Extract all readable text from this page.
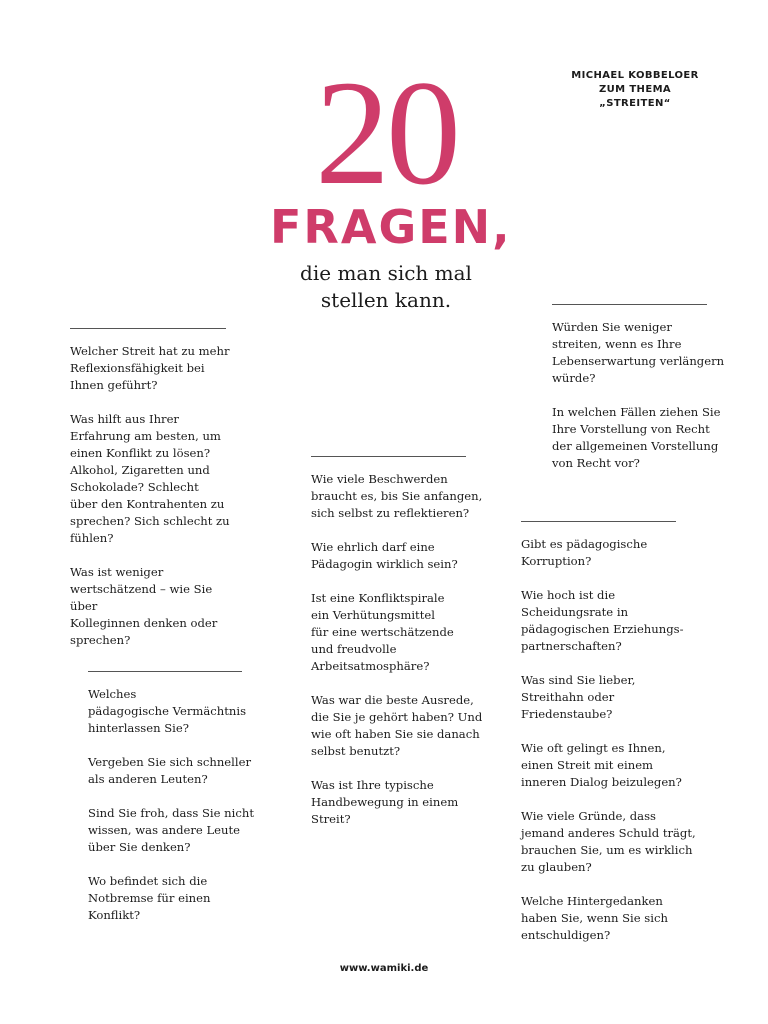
20
FRAGEN,
die man sich mal
stellen kann.
MICHAEL KOBBELOER
ZUM THEMA
„STREITEN“

Welcher Streit hat zu mehr
Reflexionsfähigkeit bei
Ihnen geführt?

Was hilft aus Ihrer
Erfahrung am besten, um
einen Konflikt zu lösen?
Alkohol, Zigaretten und
Schokolade? Schlecht
über den Kontrahenten zu
sprechen? Sich schlecht zu
fühlen?

Was ist weniger
wertschätzend – wie Sie über
Kolleginnen denken oder
sprechen?

Welches
pädagogische Vermächtnis
hinterlassen Sie?

Vergeben Sie sich schneller
als anderen Leuten?

Sind Sie froh, dass Sie nicht
wissen, was andere Leute
über Sie denken?

Wo befindet sich die
Notbremse für einen
Konflikt?

Wie viele Beschwerden
braucht es, bis Sie anfangen,
sich selbst zu reflektieren?

Wie ehrlich darf eine
Pädagogin wirklich sein?

Ist eine Konfliktspirale
ein Verhütungsmittel
für eine wertschätzende
und freudvolle
Arbeitsatmosphäre?

Was war die beste Ausrede,
die Sie je gehört haben? Und
wie oft haben Sie sie danach
selbst benutzt?

Was ist Ihre typische
Handbewegung in einem
Streit?

Würden Sie weniger
streiten, wenn es Ihre
Lebenserwartung verlängern
würde?

In welchen Fällen ziehen Sie
Ihre Vorstellung von Recht
der allgemeinen Vorstellung
von Recht vor?

Gibt es pädagogische
Korruption?

Wie hoch ist die
Scheidungsrate in
pädagogischen Erziehungs-
partnerschaften?

Was sind Sie lieber,
Streithahn oder
Friedenstaube?

Wie oft gelingt es Ihnen,
einen Streit mit einem
inneren Dialog beizulegen?

Wie viele Gründe, dass
jemand anderes Schuld trägt,
brauchen Sie, um es wirklich
zu glauben?

Welche Hintergedanken
haben Sie, wenn Sie sich
entschuldigen?

www.wamiki.de
